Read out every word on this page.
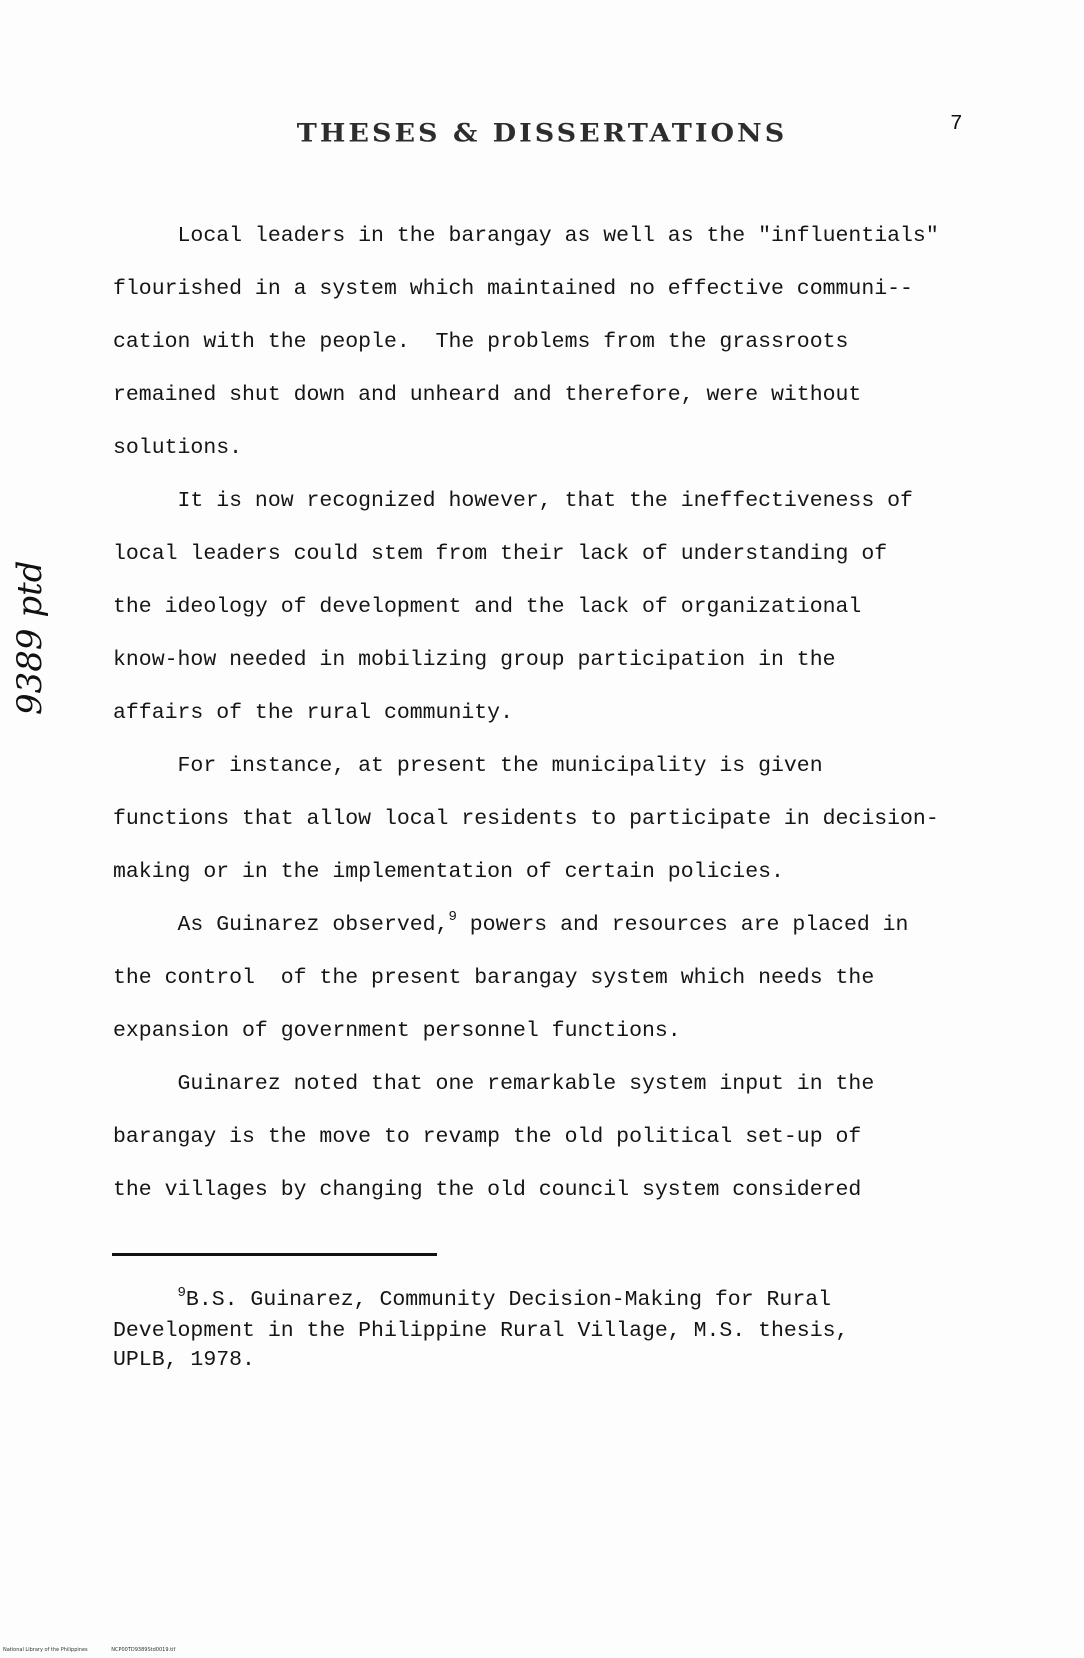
THESES & DISSERTATIONS	7
9389 ptd
Local leaders in the barangay as well as the "influentials"
flourished in a system which maintained no effective communi--
cation with the people.  The problems from the grassroots
remained shut down and unheard and therefore, were without
solutions.
It is now recognized however, that the ineffectiveness of
local leaders could stem from their lack of understanding of
the ideology of development and the lack of organizational
know-how needed in mobilizing group participation in the
affairs of the rural community.
For instance, at present the municipality is given
functions that allow local residents to participate in decision-
making or in the implementation of certain policies.
As Guinarez observed,$^9$ powers and resources are placed in
the control  of the present barangay system which needs the
expansion of government personnel functions.
Guinarez noted that one remarkable system input in the
barangay is the move to revamp the old political set-up of
the villages by changing the old council system considered
$^9$B.S. Guinarez, Community Decision-Making for Rural
Development in the Philippine Rural Village, M.S. thesis,
UPLB, 1978.
National Library of the Philippines	NCP00TD9389Std0019.tif
